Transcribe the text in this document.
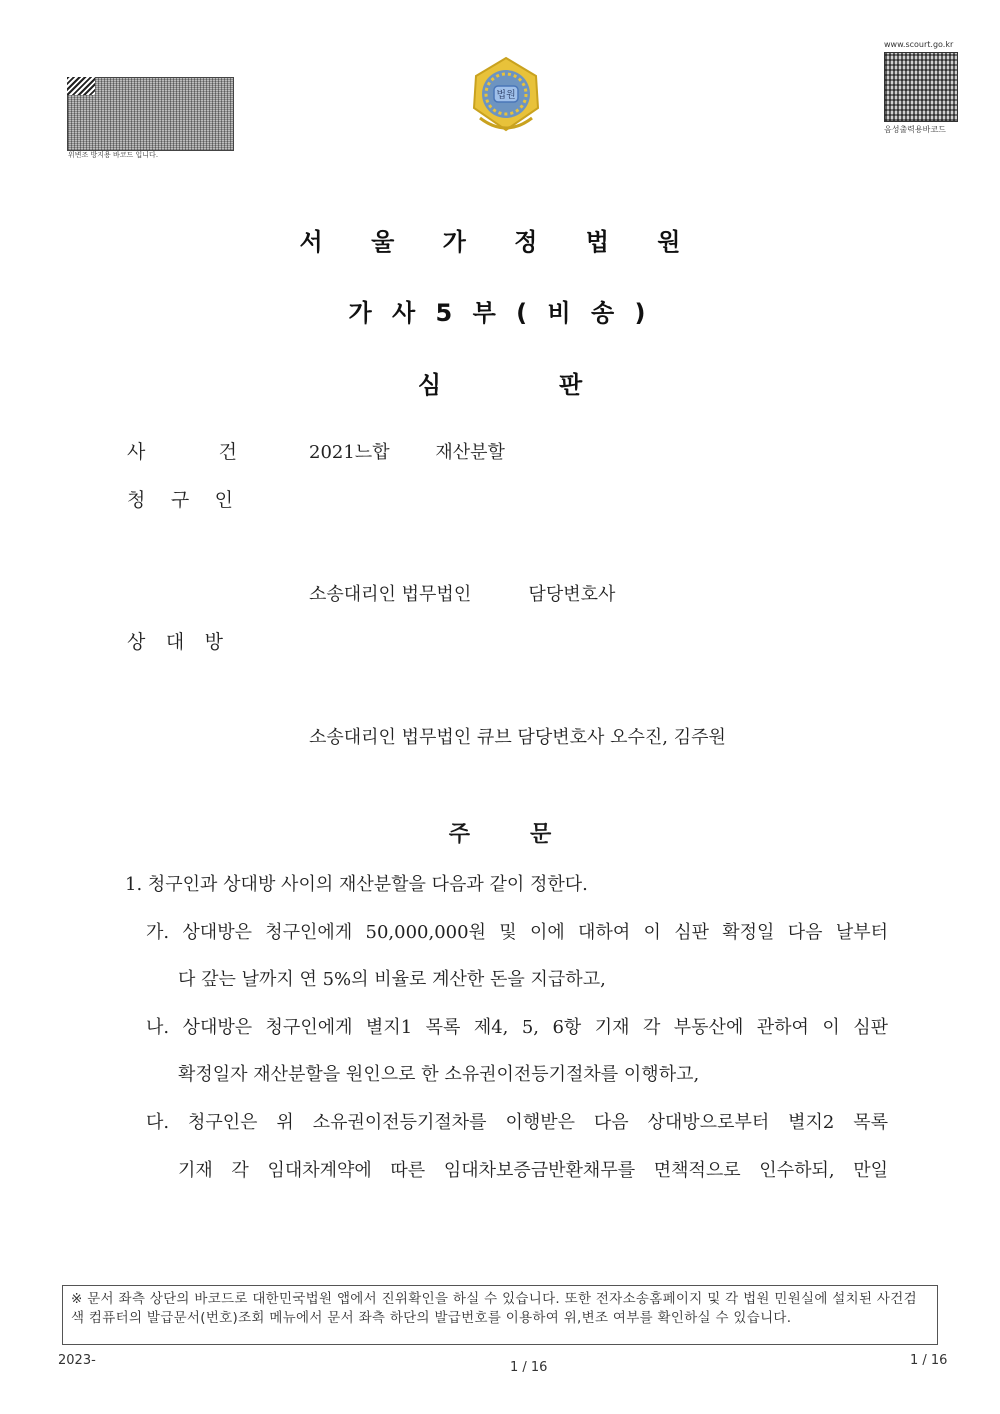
위변조 방지용 바코드 입니다.
법원
www.scourt.go.kr
음성출력용바코드
서 울 가 정 법 원
가 사 5 부 ( 비 송 )
심	판
사 건	2021느합        재산분할
청 구 인
소송대리인 법무법인          담당변호사
상 대 방
소송대리인 법무법인 큐브 담당변호사 오수진, 김주원
주	문
1. 청구인과 상대방 사이의 재산분할을 다음과 같이 정한다.
가. 상대방은 청구인에게 50,000,000원 및 이에 대하여 이 심판 확정일 다음 날부터
다 갚는 날까지 연 5%의 비율로 계산한 돈을 지급하고,
나. 상대방은 청구인에게 별지1 목록 제4, 5, 6항 기재 각 부동산에 관하여 이 심판
확정일자 재산분할을 원인으로 한 소유권이전등기절차를 이행하고,
다. 청구인은 위 소유권이전등기절차를 이행받은 다음 상대방으로부터 별지2 목록
기재 각 임대차계약에 따른 임대차보증금반환채무를 면책적으로 인수하되, 만일
※ 문서 좌측 상단의 바코드로 대한민국법원 앱에서 진위확인을 하실 수 있습니다. 또한 전자소송홈페이지 및 각 법원 민원실에 설치된 사건검색 컴퓨터의 발급문서(번호)조회 메뉴에서 문서 좌측 하단의 발급번호를 이용하여 위,변조 여부를 확인하실 수 있습니다.
2023-	1 / 16	1 / 16
